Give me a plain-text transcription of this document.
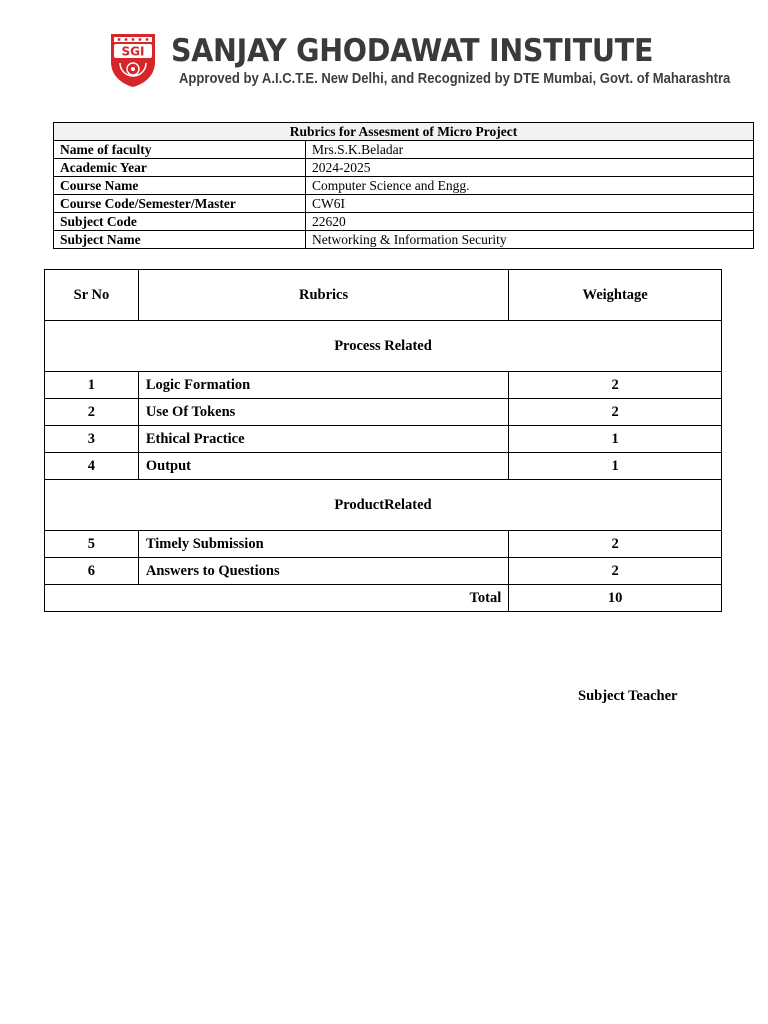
SGI SANJAY GHODAWAT INSTITUTE
Approved by A.I.C.T.E. New Delhi, and Recognized by DTE Mumbai, Govt. of Maharashtra
Rubrics for Assesment of Micro Project	
Name of faculty	Mrs.S.K.Beladar
Academic Year	2024-2025
Course Name	Computer Science and Engg.
Course Code/Semester/Master	CW6I
Subject Code	22620
Subject Name	Networking & Information Security
Sr No	Rubrics	Weightage
Process Related		
1	Logic Formation	2
2	Use Of Tokens	2
3	Ethical Practice	1
4	Output	1
ProductRelated		
5	Timely Submission	2
6	Answers to Questions	2
Total		10
Subject Teacher
